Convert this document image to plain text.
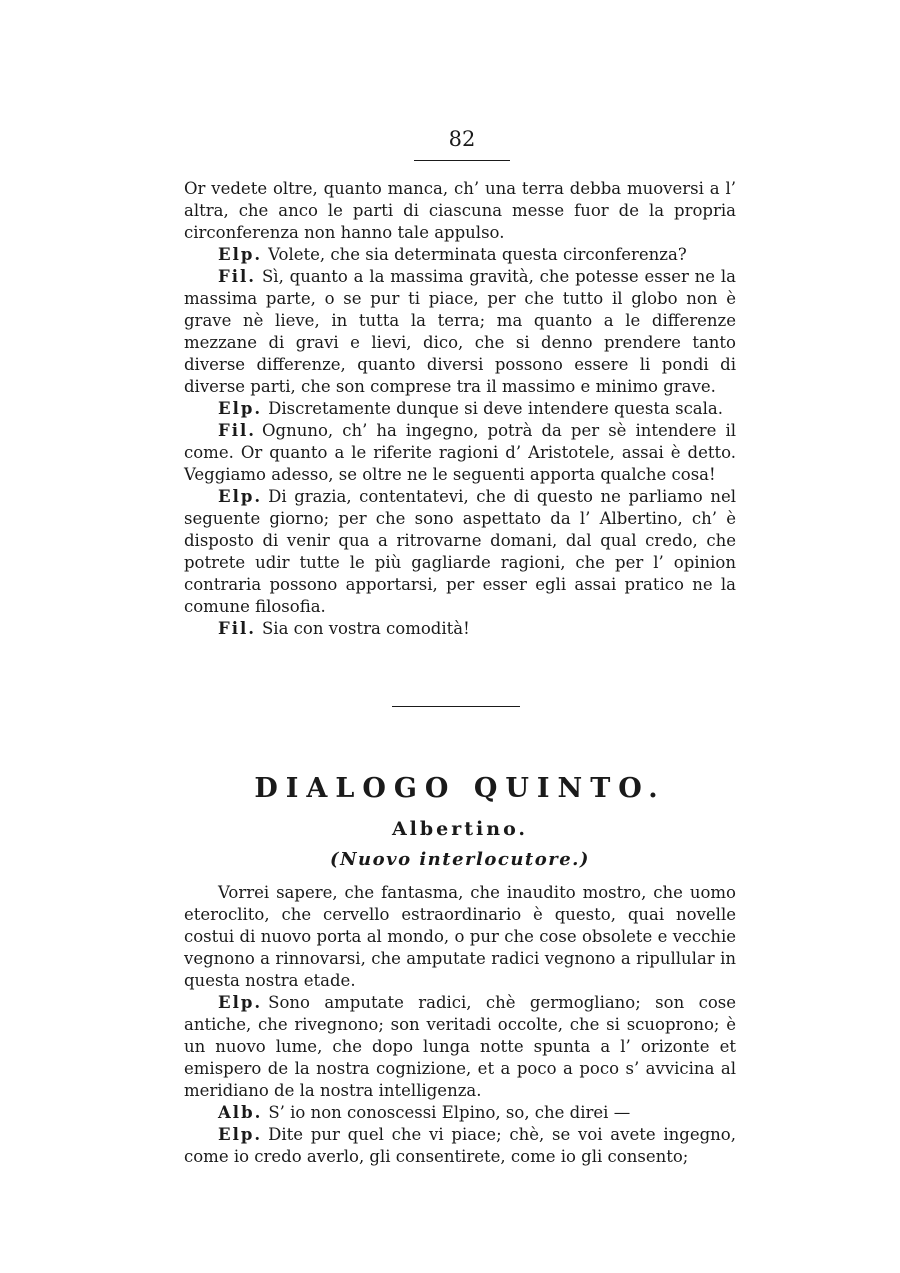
82

Or vedete oltre, quanto manca, ch’ una terra debba muoversi a l’ altra, che anco le parti di ciascuna messe fuor de la propria circonferenza non hanno tale appulso.

Elp. Volete, che sia determinata questa circonferenza?

Fil. Sì, quanto a la massima gravità, che potesse esser ne la massima parte, o se pur ti piace, per che tutto il globo non è grave nè lieve, in tutta la terra; ma quanto a le differenze mezzane di gravi e lievi, dico, che si denno prendere tanto diverse differenze, quanto diversi possono essere li pondi di diverse parti, che son comprese tra il massimo e minimo grave.

Elp. Discretamente dunque si deve intendere questa scala.

Fil. Ognuno, ch’ ha ingegno, potrà da per sè intendere il come. Or quanto a le riferite ragioni d’ Aristotele, assai è detto. Veggiamo adesso, se oltre ne le seguenti apporta qualche cosa!

Elp. Di grazia, contentatevi, che di questo ne parliamo nel seguente giorno; per che sono aspettato da l’ Albertino, ch’ è disposto di venir qua a ritrovarne domani, dal qual credo, che potrete udir tutte le più gagliarde ragioni, che per l’ opinion contraria possono apportarsi, per esser egli assai pratico ne la comune filosofia.

Fil. Sia con vostra comodità!

DIALOGO QUINTO.
Albertino.
(Nuovo interlocutore.)

Vorrei sapere, che fantasma, che inaudito mostro, che uomo eteroclito, che cervello estraordinario è questo, quai novelle costui di nuovo porta al mondo, o pur che cose obsolete e vecchie vegnono a rinnovarsi, che amputate radici vegnono a ripullular in questa nostra etade.

Elp. Sono amputate radici, chè germogliano; son cose antiche, che rivegnono; son veritadi occolte, che si scuoprono; è un nuovo lume, che dopo lunga notte spunta a l’ orizonte et emispero de la nostra cognizione, et a poco a poco s’ avvicina al meridiano de la nostra intelligenza.

Alb. S’ io non conoscessi Elpino, so, che direi —

Elp. Dite pur quel che vi piace; chè, se voi avete ingegno, come io credo averlo, gli consentirete, come io gli consento;
